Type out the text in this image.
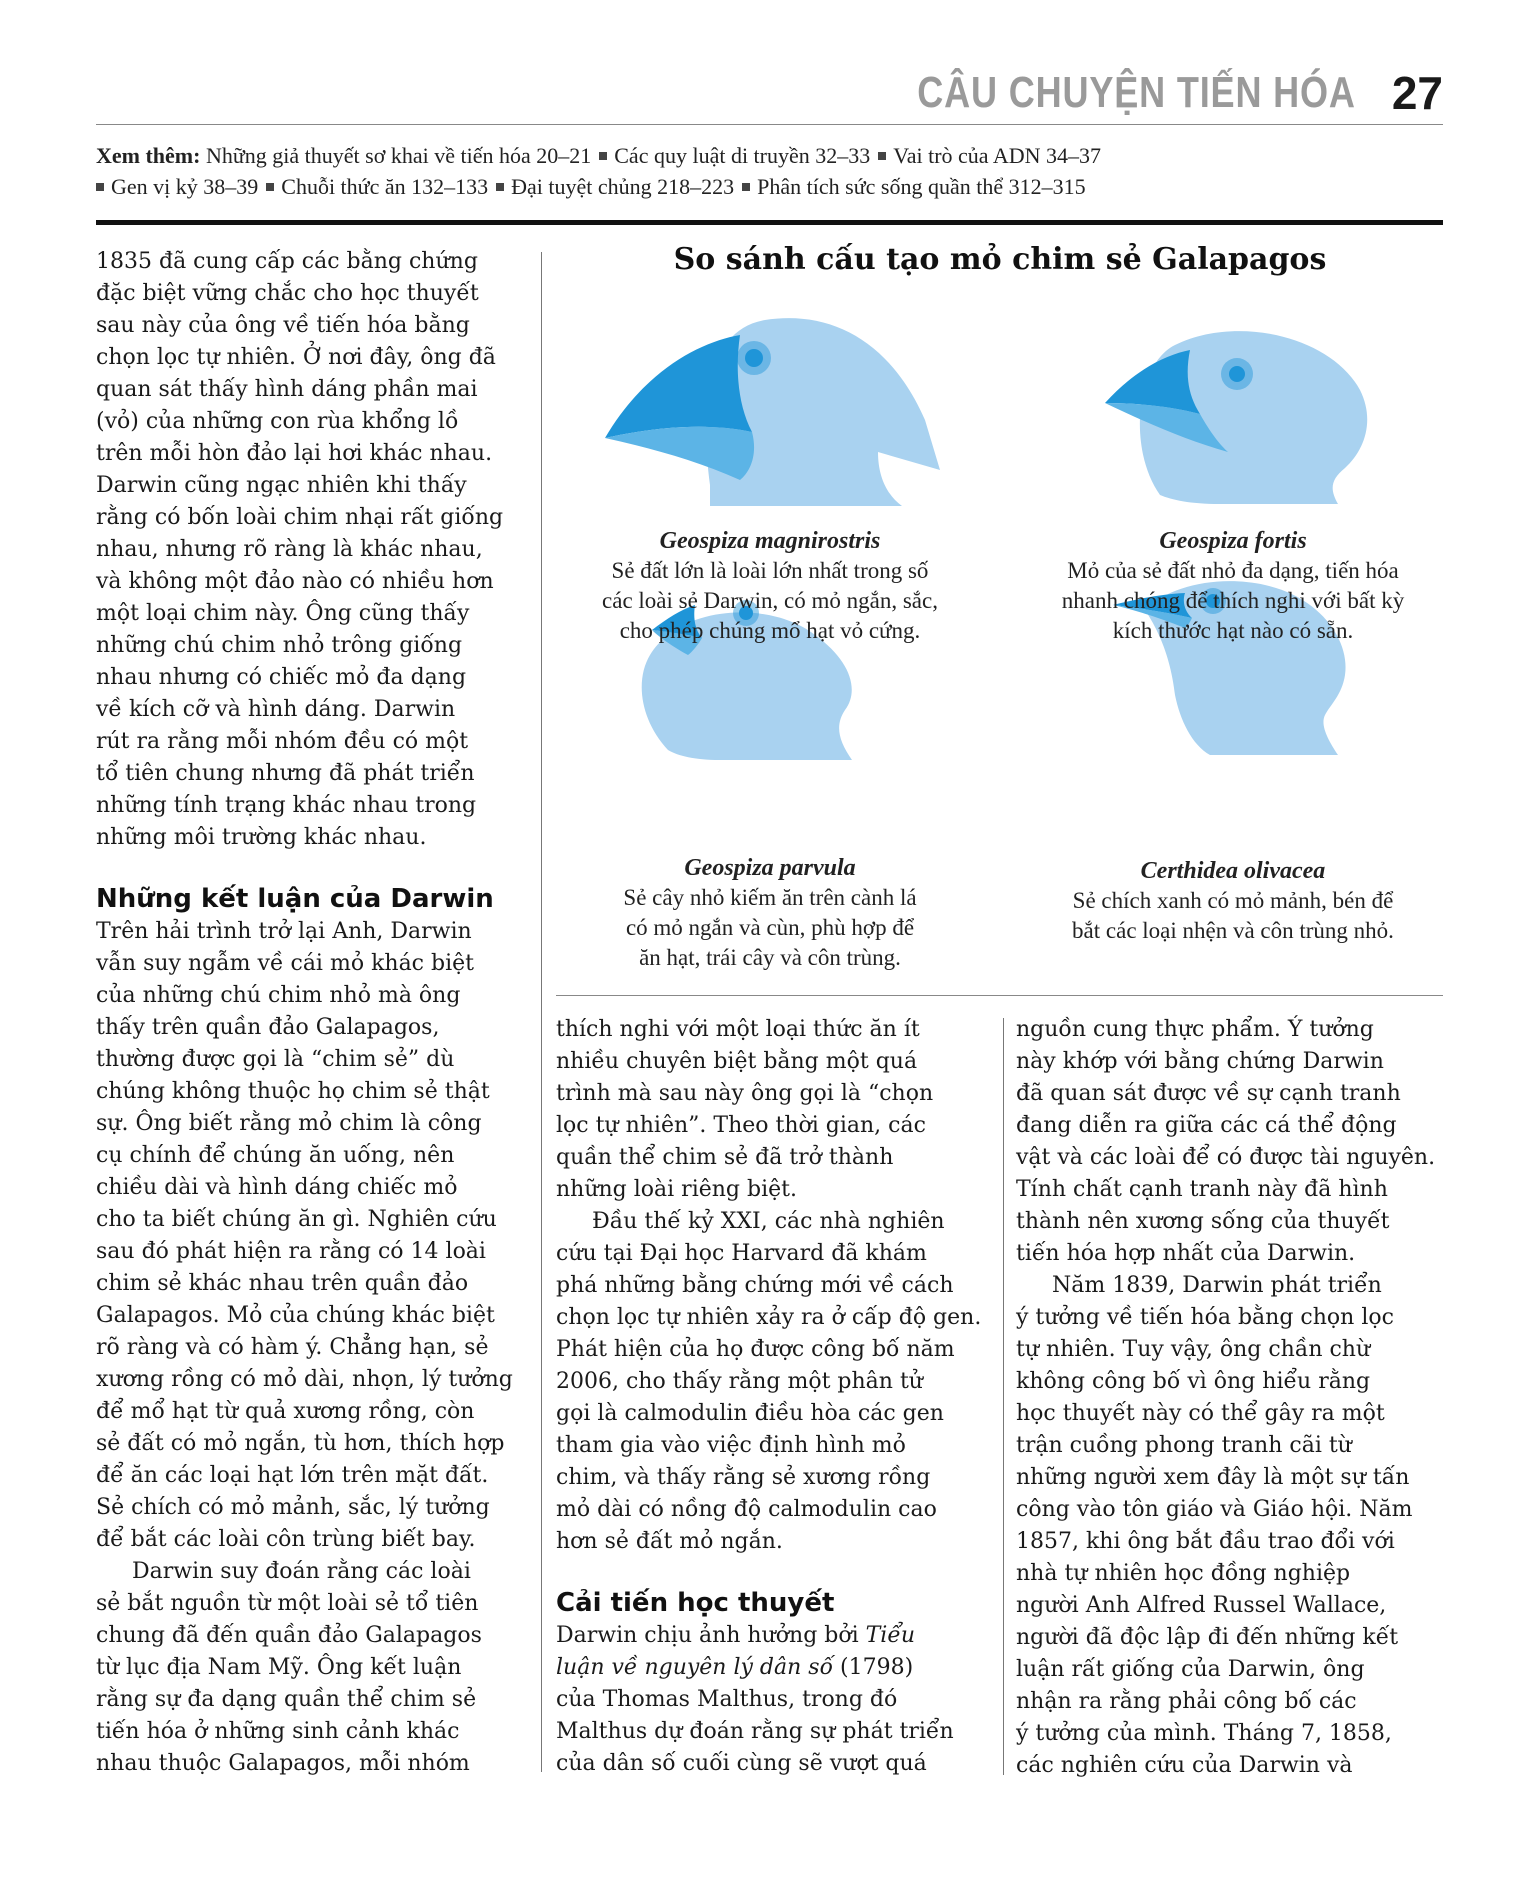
CÂU CHUYỆN TIẾN HÓA 27
Xem thêm: Những giả thuyết sơ khai về tiến hóa 20–21 Các quy luật di truyền 32–33 Vai trò của ADN 34–37
Gen vị kỷ 38–39 Chuỗi thức ăn 132–133 Đại tuyệt chủng 218–223 Phân tích sức sống quần thể 312–315

1835 đã cung cấp các bằng chứng

đặc biệt vững chắc cho học thuyết

sau này của ông về tiến hóa bằng

chọn lọc tự nhiên. Ở nơi đây, ông đã

quan sát thấy hình dáng phần mai

(vỏ) của những con rùa khổng lồ

trên mỗi hòn đảo lại hơi khác nhau.

Darwin cũng ngạc nhiên khi thấy

rằng có bốn loài chim nhại rất giống

nhau, nhưng rõ ràng là khác nhau,

và không một đảo nào có nhiều hơn

một loại chim này. Ông cũng thấy

những chú chim nhỏ trông giống

nhau nhưng có chiếc mỏ đa dạng

về kích cỡ và hình dáng. Darwin

rút ra rằng mỗi nhóm đều có một

tổ tiên chung nhưng đã phát triển

những tính trạng khác nhau trong

những môi trường khác nhau.

Những kết luận của Darwin

Trên hải trình trở lại Anh, Darwin

vẫn suy ngẫm về cái mỏ khác biệt

của những chú chim nhỏ mà ông

thấy trên quần đảo Galapagos,

thường được gọi là “chim sẻ” dù

chúng không thuộc họ chim sẻ thật

sự. Ông biết rằng mỏ chim là công

cụ chính để chúng ăn uống, nên

chiều dài và hình dáng chiếc mỏ

cho ta biết chúng ăn gì. Nghiên cứu

sau đó phát hiện ra rằng có 14 loài

chim sẻ khác nhau trên quần đảo

Galapagos. Mỏ của chúng khác biệt

rõ ràng và có hàm ý. Chẳng hạn, sẻ

xương rồng có mỏ dài, nhọn, lý tưởng

để mổ hạt từ quả xương rồng, còn

sẻ đất có mỏ ngắn, tù hơn, thích hợp

để ăn các loại hạt lớn trên mặt đất.

Sẻ chích có mỏ mảnh, sắc, lý tưởng

để bắt các loài côn trùng biết bay.

Darwin suy đoán rằng các loài

sẻ bắt nguồn từ một loài sẻ tổ tiên

chung đã đến quần đảo Galapagos

từ lục địa Nam Mỹ. Ông kết luận

rằng sự đa dạng quần thể chim sẻ

tiến hóa ở những sinh cảnh khác

nhau thuộc Galapagos, mỗi nhóm

So sánh cấu tạo mỏ chim sẻ Galapagos
Geospiza magnirostris
Sẻ đất lớn là loài lớn nhất trong số
các loài sẻ Darwin, có mỏ ngắn, sắc,
cho phép chúng mổ hạt vỏ cứng.
Geospiza fortis
Mỏ của sẻ đất nhỏ đa dạng, tiến hóa
nhanh chóng để thích nghi với bất kỳ
kích thước hạt nào có sẵn.
Geospiza parvula
Sẻ cây nhỏ kiếm ăn trên cành lá
có mỏ ngắn và cùn, phù hợp để
ăn hạt, trái cây và côn trùng.
Certhidea olivacea
Sẻ chích xanh có mỏ mảnh, bén để
bắt các loại nhện và côn trùng nhỏ.

thích nghi với một loại thức ăn ít

nhiều chuyên biệt bằng một quá

trình mà sau này ông gọi là “chọn

lọc tự nhiên”. Theo thời gian, các

quần thể chim sẻ đã trở thành

những loài riêng biệt.

Đầu thế kỷ XXI, các nhà nghiên

cứu tại Đại học Harvard đã khám

phá những bằng chứng mới về cách

chọn lọc tự nhiên xảy ra ở cấp độ gen.

Phát hiện của họ được công bố năm

2006, cho thấy rằng một phân tử

gọi là calmodulin điều hòa các gen

tham gia vào việc định hình mỏ

chim, và thấy rằng sẻ xương rồng

mỏ dài có nồng độ calmodulin cao

hơn sẻ đất mỏ ngắn.

Cải tiến học thuyết

Darwin chịu ảnh hưởng bởi Tiểu

luận về nguyên lý dân số (1798)

của Thomas Malthus, trong đó

Malthus dự đoán rằng sự phát triển

của dân số cuối cùng sẽ vượt quá

nguồn cung thực phẩm. Ý tưởng

này khớp với bằng chứng Darwin

đã quan sát được về sự cạnh tranh

đang diễn ra giữa các cá thể động

vật và các loài để có được tài nguyên.

Tính chất cạnh tranh này đã hình

thành nên xương sống của thuyết

tiến hóa hợp nhất của Darwin.

Năm 1839, Darwin phát triển

ý tưởng về tiến hóa bằng chọn lọc

tự nhiên. Tuy vậy, ông chần chừ

không công bố vì ông hiểu rằng

học thuyết này có thể gây ra một

trận cuồng phong tranh cãi từ

những người xem đây là một sự tấn

công vào tôn giáo và Giáo hội. Năm

1857, khi ông bắt đầu trao đổi với

nhà tự nhiên học đồng nghiệp

người Anh Alfred Russel Wallace,

người đã độc lập đi đến những kết

luận rất giống của Darwin, ông

nhận ra rằng phải công bố các

ý tưởng của mình. Tháng 7, 1858,

các nghiên cứu của Darwin và
